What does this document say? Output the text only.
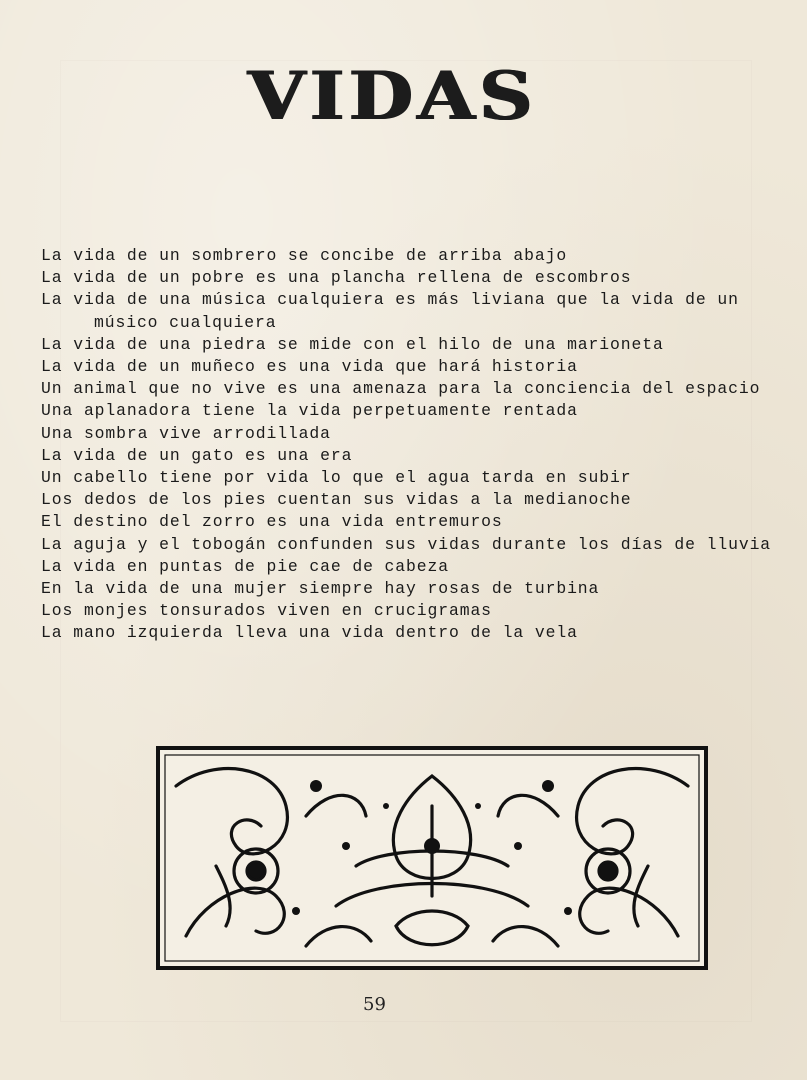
VIDAS
La vida de un sombrero se concibe de arriba abajo
La vida de un pobre es una plancha rellena de escombros
La vida de una música cualquiera es más liviana que la vida de un músico cualquiera
La vida de una piedra se mide con el hilo de una marioneta
La vida de un muñeco es una vida que hará historia
Un animal que no vive es una amenaza para la conciencia del espacio
Una aplanadora tiene la vida perpetuamente rentada
Una sombra vive arrodillada
La vida de un gato es una era
Un cabello tiene por vida lo que el agua tarda en subir
Los dedos de los pies cuentan sus vidas a la medianoche
El destino del zorro es una vida entremuros
La aguja y el tobogán confunden sus vidas durante los días de lluvia
La vida en puntas de pie cae de cabeza
En la vida de una mujer siempre hay rosas de turbina
Los monjes tonsurados viven en crucigramas
La mano izquierda lleva una vida dentro de la vela
59
